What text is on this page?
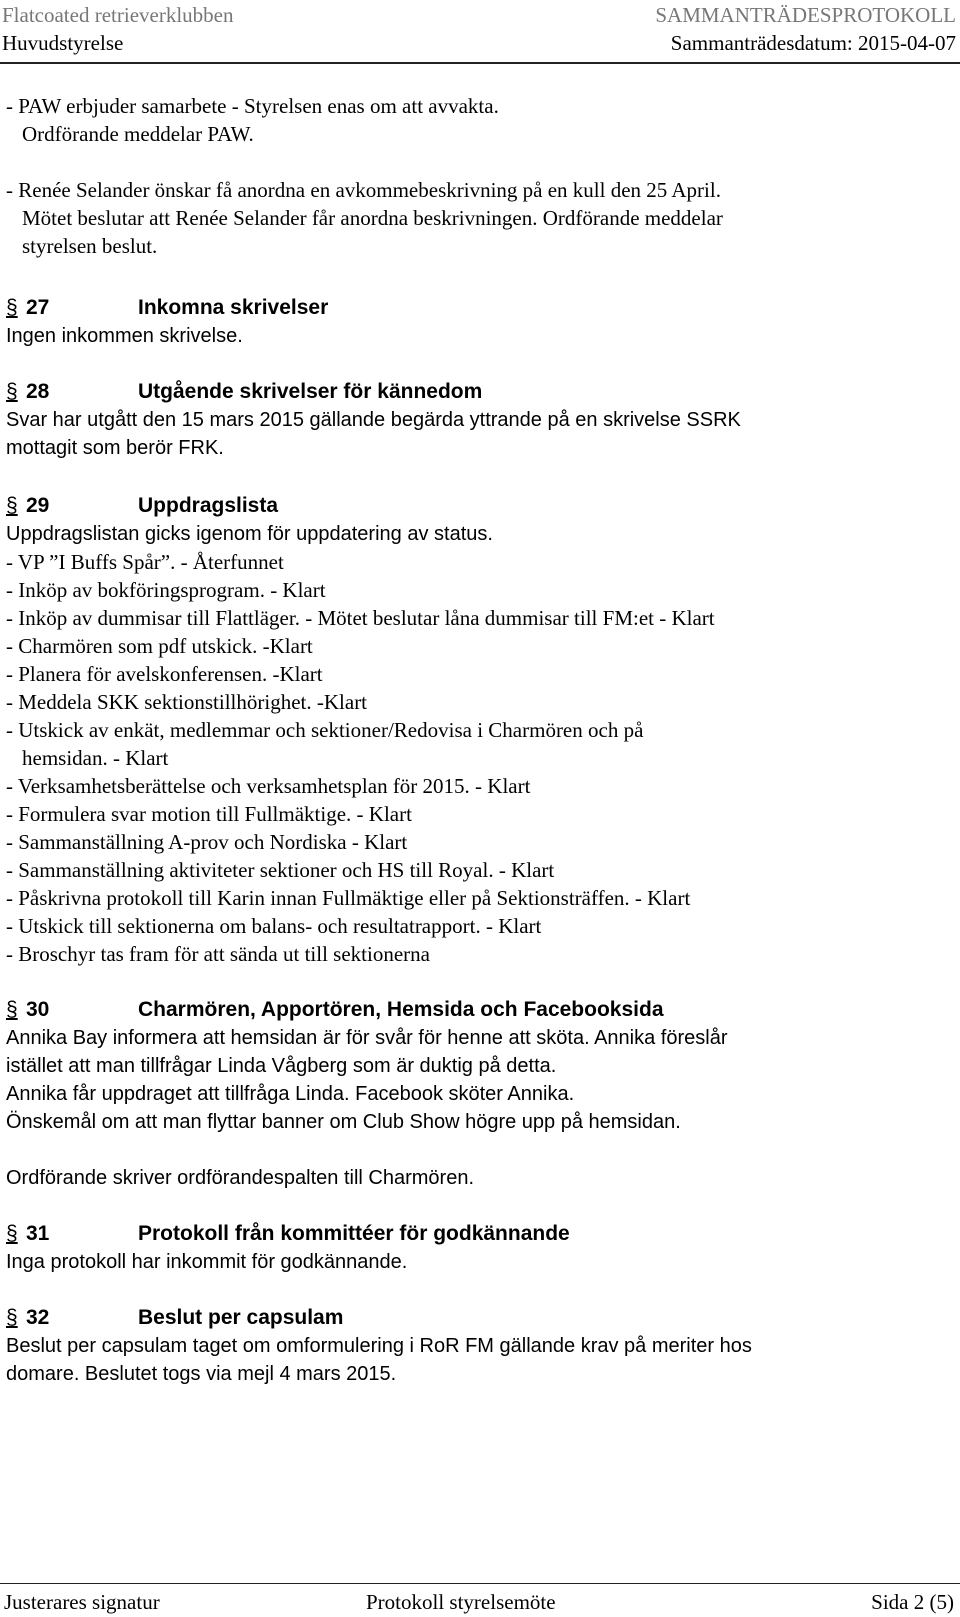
Flatcoated retrieverklubben	SAMMANTRÄDESPROTOKOLL
Huvudstyrelse	Sammanträdesdatum: 2015-04-07
- PAW erbjuder samarbete - Styrelsen enas om att avvakta.
Ordförande meddelar PAW.
- Renée Selander önskar få anordna en avkommebeskrivning på en kull den 25 April.
Mötet beslutar att Renée Selander får anordna beskrivningen. Ordförande meddelar
styrelsen beslut.
§ 27	Inkomna skrivelser
Ingen inkommen skrivelse.
§ 28	Utgående skrivelser för kännedom
Svar har utgått den 15 mars 2015 gällande begärda yttrande på en skrivelse SSRK
mottagit som berör FRK.
§ 29	Uppdragslista
Uppdragslistan gicks igenom för uppdatering av status.
- VP ”I Buffs Spår”. - Återfunnet
- Inköp av bokföringsprogram. - Klart
- Inköp av dummisar till Flattläger. - Mötet beslutar låna dummisar till FM:et - Klart
- Charmören som pdf utskick. -Klart
- Planera för avelskonferensen. -Klart
- Meddela SKK sektionstillhörighet. -Klart
- Utskick av enkät, medlemmar och sektioner/Redovisa i Charmören och på
hemsidan. - Klart
- Verksamhetsberättelse och verksamhetsplan för 2015. - Klart
- Formulera svar motion till Fullmäktige. - Klart
- Sammanställning A-prov och Nordiska - Klart
- Sammanställning aktiviteter sektioner och HS till Royal. - Klart
- Påskrivna protokoll till Karin innan Fullmäktige eller på Sektionsträffen. - Klart
- Utskick till sektionerna om balans- och resultatrapport. - Klart
- Broschyr tas fram för att sända ut till sektionerna
§ 30	Charmören, Apportören, Hemsida och Facebooksida
Annika Bay informera att hemsidan är för svår för henne att sköta. Annika föreslår
istället att man tillfrågar Linda Vågberg som är duktig på detta.
Annika får uppdraget att tillfråga Linda. Facebook sköter Annika.
Önskemål om att man flyttar banner om Club Show högre upp på hemsidan.
Ordförande skriver ordförandespalten till Charmören.
§ 31	Protokoll från kommittéer för godkännande
Inga protokoll har inkommit för godkännande.
§ 32	Beslut per capsulam
Beslut per capsulam taget om omformulering i RoR FM gällande krav på meriter hos
domare. Beslutet togs via mejl 4 mars 2015.
Justerares signatur	Protokoll styrelsemöte	Sida 2 (5)
